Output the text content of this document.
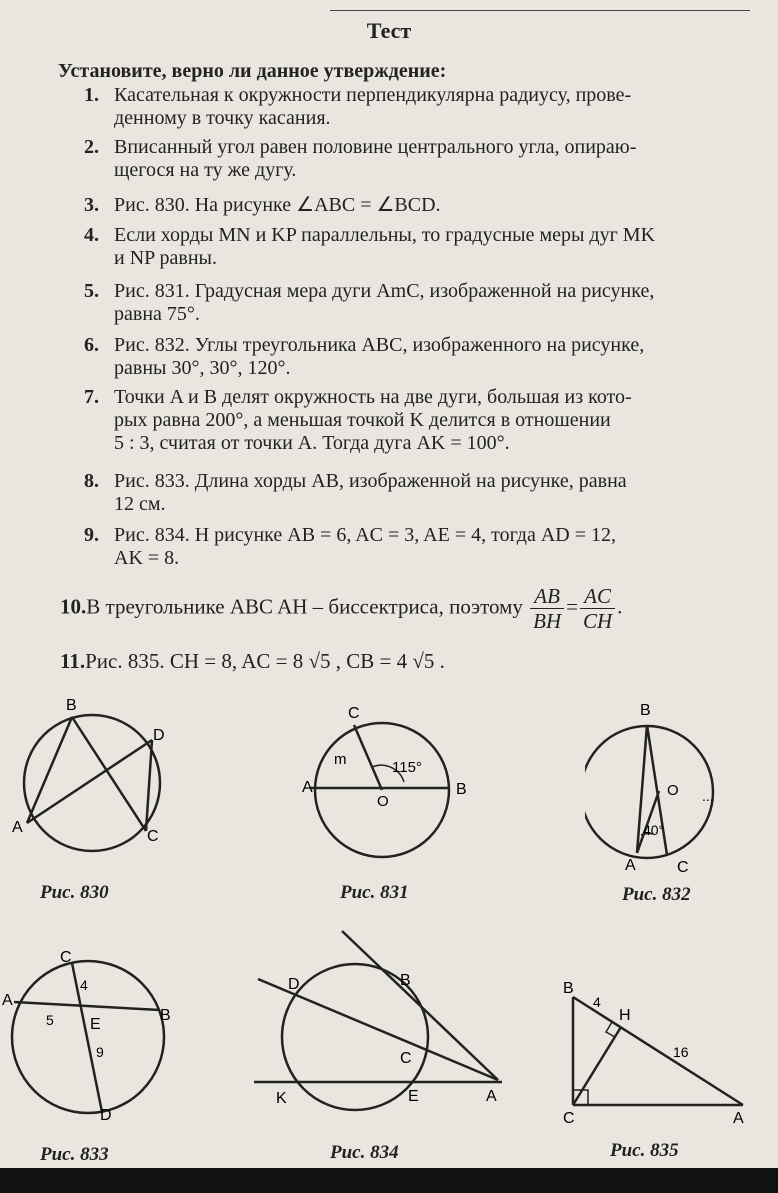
Тест
Установите, верно ли данное утверждение:
1. Касательная к окружности перпендикулярна радиусу, прове-
денному в точку касания.
2. Вписанный угол равен половине центрального угла, опираю-
щегося на ту же дугу.
3. Рис. 830. На рисунке ∠ABC = ∠BCD.
4. Если хорды MN и KP параллельны, то градусные меры дуг MK
и NP равны.
5. Рис. 831. Градусная мера дуги AmC, изображенной на рисунке,
равна 75°.
6. Рис. 832. Углы треугольника ABC, изображенного на рисунке,
равны 30°, 30°, 120°.
7. Точки A и B делят окружность на две дуги, большая из кото-
рых равна 200°, а меньшая точкой K делится в отношении
5 : 3, считая от точки A. Тогда дуга AK = 100°.
8. Рис. 833. Длина хорды AB, изображенной на рисунке, равна
12 см.
9. Рис. 834. Н рисунке AB = 6, AC = 3, AE = 4, тогда AD = 12,
AK = 8.
10.В треугольнике ABC AH – биссектриса, поэтому $\frac{AB}{BH} = \frac{AC}{CH}$ .
11.Рис. 835. CH = 8, AC = 8 √5 , CB = 4 √5 .
B
D
A
C
Рис. 830
C
m	115°
A
O
B
Рис. 831
B
O ...
40°
A	C
Рис. 832
C
A
B
4
5 E
9
D
Рис. 833
D	B
C
K	E	A
Рис. 834
B
4
H
16
C	A
Рис. 835
